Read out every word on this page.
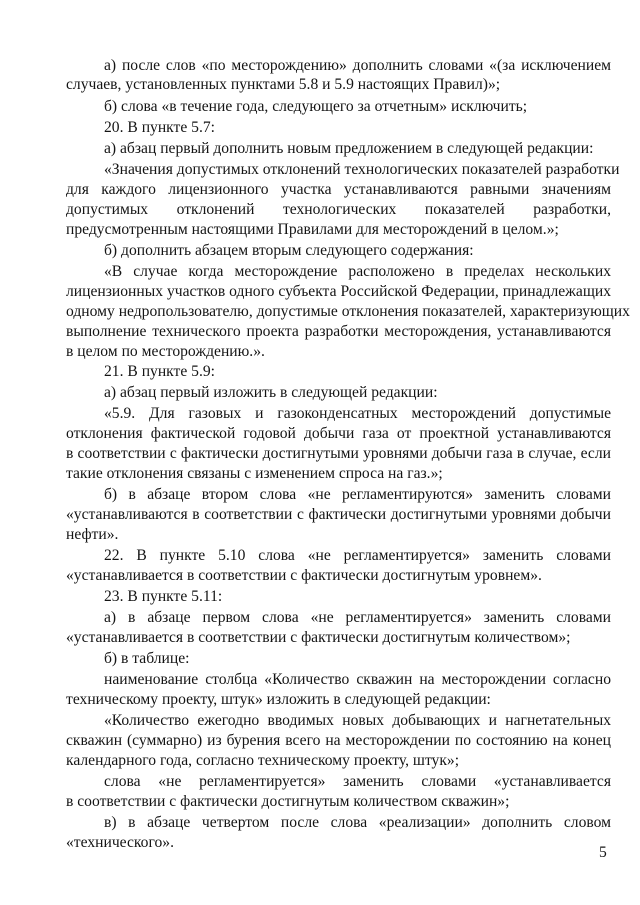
а) после слов «по месторождению» дополнить словами «(за исключением

случаев, установленных пунктами 5.8 и 5.9 настоящих Правил)»;

б) слова «в течение года, следующего за отчетным» исключить;

20. В пункте 5.7:

а) абзац первый дополнить новым предложением в следующей редакции:

«Значения допустимых отклонений технологических показателей разработки

для каждого лицензионного участка устанавливаются равными значениям

допустимых отклонений технологических показателей разработки,

предусмотренным настоящими Правилами для месторождений в целом.»;

б) дополнить абзацем вторым следующего содержания:

«В случае когда месторождение расположено в пределах нескольких

лицензионных участков одного субъекта Российской Федерации, принадлежащих

одному недропользователю, допустимые отклонения показателей, характеризующих

выполнение технического проекта разработки месторождения, устанавливаются

в целом по месторождению.».

21. В пункте 5.9:

а) абзац первый изложить в следующей редакции:

«5.9. Для газовых и газоконденсатных месторождений допустимые

отклонения фактической годовой добычи газа от проектной устанавливаются

в соответствии с фактически достигнутыми уровнями добычи газа в случае, если

такие отклонения связаны с изменением спроса на газ.»;

б) в абзаце втором слова «не регламентируются» заменить словами

«устанавливаются в соответствии с фактически достигнутыми уровнями добычи

нефти».

22. В пункте 5.10 слова «не регламентируется» заменить словами

«устанавливается в соответствии с фактически достигнутым уровнем».

23. В пункте 5.11:

а) в абзаце первом слова «не регламентируется» заменить словами

«устанавливается в соответствии с фактически достигнутым количеством»;

б) в таблице:

наименование столбца «Количество скважин на месторождении согласно

техническому проекту, штук» изложить в следующей редакции:

«Количество ежегодно вводимых новых добывающих и нагнетательных

скважин (суммарно) из бурения всего на месторождении по состоянию на конец

календарного года, согласно техническому проекту, штук»;

слова «не регламентируется» заменить словами «устанавливается

в соответствии с фактически достигнутым количеством скважин»;

в) в абзаце четвертом после слова «реализации» дополнить словом

«технического».

5
